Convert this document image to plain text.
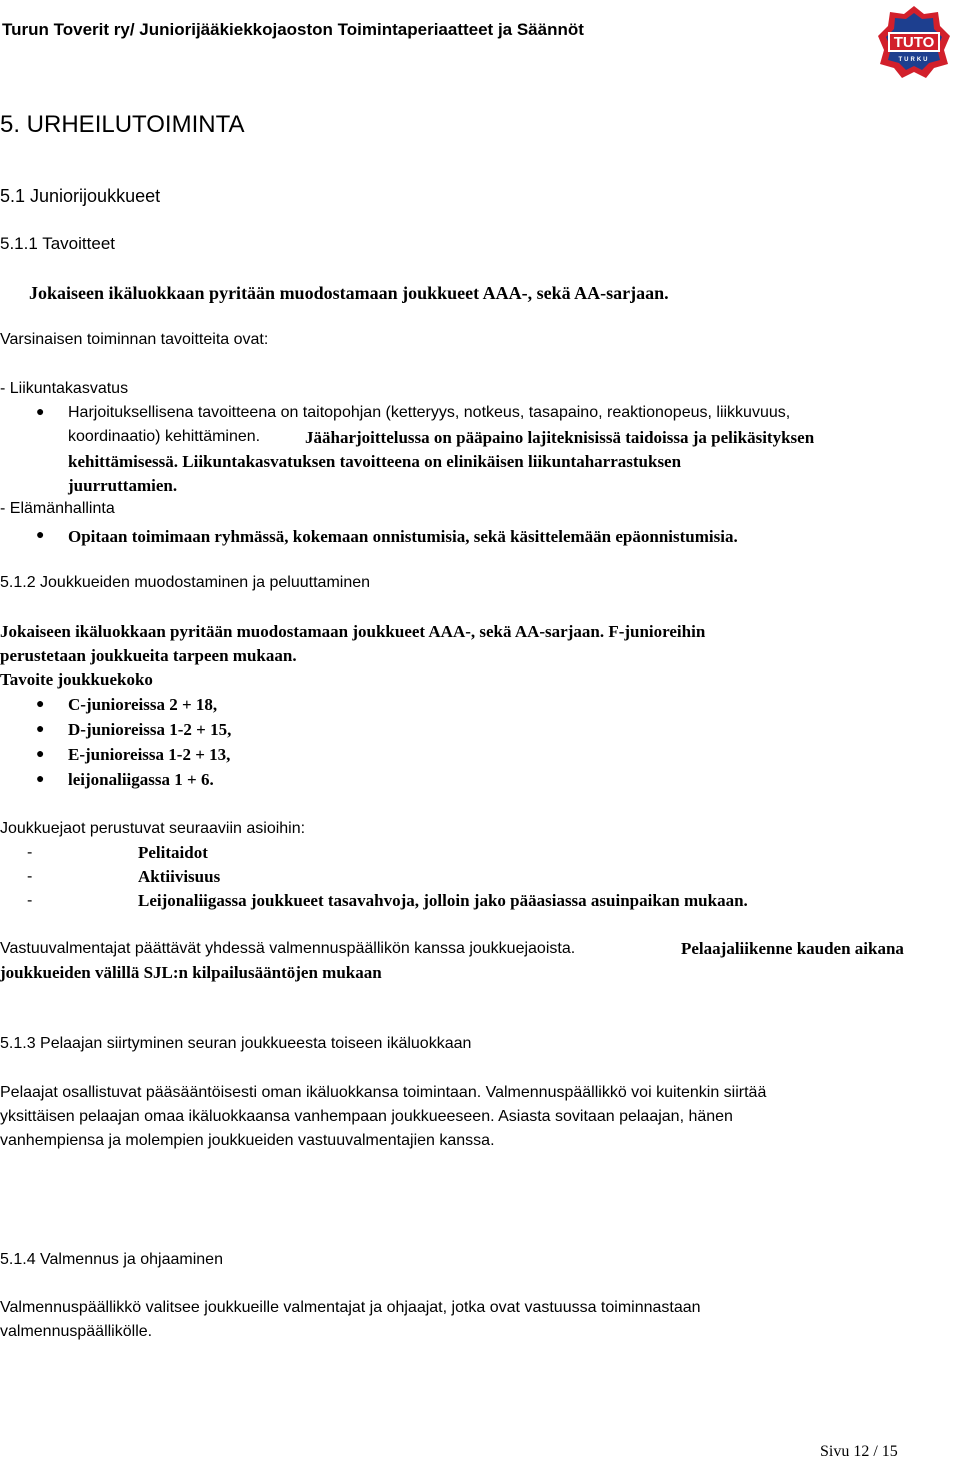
Turun Toverit ry/ Juniorijääkiekkojaoston Toimintaperiaatteet ja Säännöt
TUTO
TURKU
5. URHEILUTOIMINTA
5.1 Juniorijoukkueet
5.1.1 Tavoitteet
Jokaiseen ikäluokkaan pyritään muodostamaan joukkueet AAA-, sekä AA-sarjaan.
Varsinaisen toiminnan tavoitteita ovat:
- Liikuntakasvatus
● Harjoituksellisena tavoitteena on taitopohjan (ketteryys, notkeus, tasapaino, reaktionopeus, liikkuvuus,
koordinaatio) kehittäminen.	Jääharjoittelussa on pääpaino lajiteknisissä taidoissa ja pelikäsityksen
kehittämisessä. Liikuntakasvatuksen tavoitteena on elinikäisen liikuntaharrastuksen
juurruttamien.
- Elämänhallinta
● Opitaan toimimaan ryhmässä, kokemaan onnistumisia, sekä käsittelemään epäonnistumisia.
5.1.2 Joukkueiden muodostaminen ja peluuttaminen
Jokaiseen ikäluokkaan pyritään muodostamaan joukkueet AAA-, sekä AA-sarjaan. F-junioreihin
perustetaan joukkueita tarpeen mukaan.
Tavoite joukkuekoko
● C-junioreissa 2 + 18,
● D-junioreissa 1-2 + 15,
● E-junioreissa 1-2 + 13,
● leijonaliigassa 1 + 6.
Joukkuejaot perustuvat seuraaviin asioihin:
-	Pelitaidot
-	Aktiivisuus
-	Leijonaliigassa joukkueet tasavahvoja, jolloin jako pääasiassa asuinpaikan mukaan.
Vastuuvalmentajat päättävät yhdessä valmennuspäällikön kanssa joukkuejaoista.	Pelaajaliikenne kauden aikana
joukkueiden välillä SJL:n kilpailusääntöjen mukaan
5.1.3 Pelaajan siirtyminen seuran joukkueesta toiseen ikäluokkaan
Pelaajat osallistuvat pääsääntöisesti oman ikäluokkansa toimintaan. Valmennuspäällikkö voi kuitenkin siirtää
yksittäisen pelaajan omaa ikäluokkaansa vanhempaan joukkueeseen. Asiasta sovitaan pelaajan, hänen
vanhempiensa ja molempien joukkueiden vastuuvalmentajien kanssa.
5.1.4 Valmennus ja ohjaaminen
Valmennuspäällikkö valitsee joukkueille valmentajat ja ohjaajat, jotka ovat vastuussa toiminnastaan
valmennuspäällikölle.
Sivu 12 / 15
